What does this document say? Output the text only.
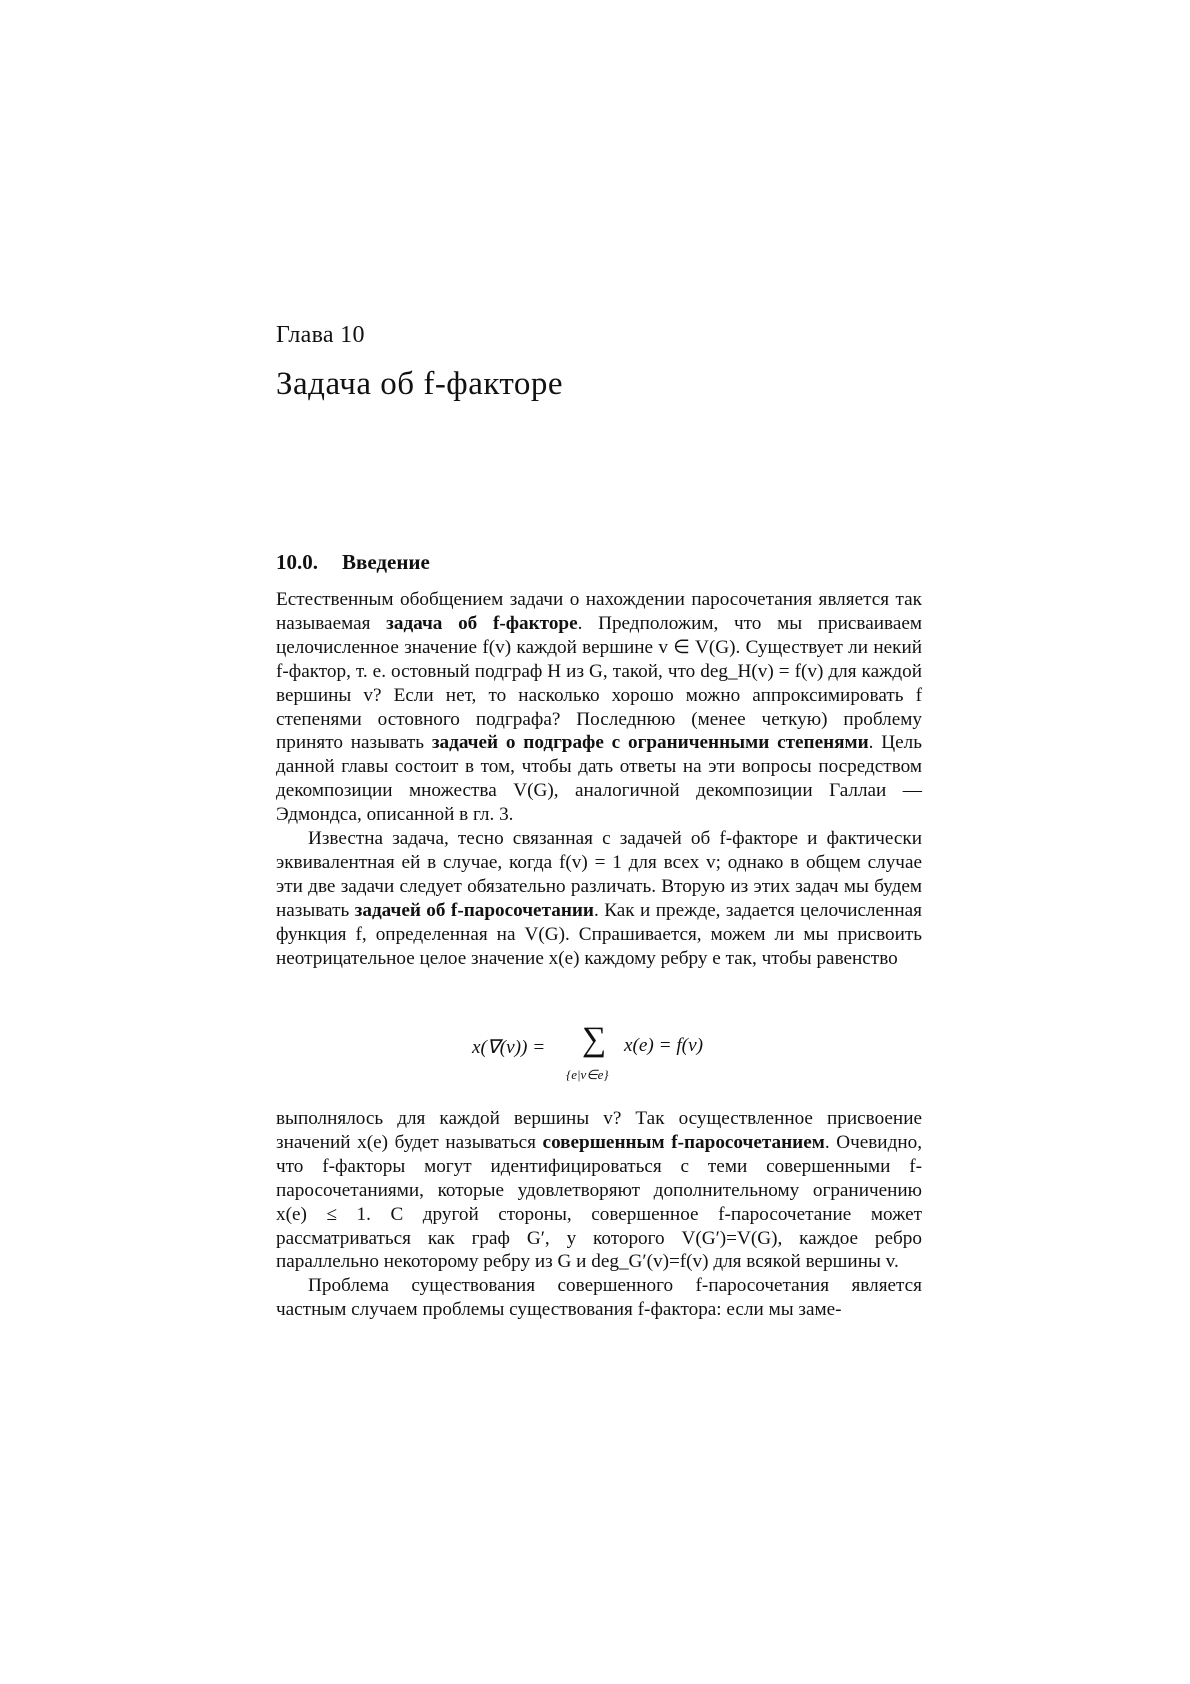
Глава 10
Задача об f-факторе
10.0. Введение

Естественным обобщением задачи о нахождении паросочетания является так называемая задача об f-факторе. Предположим, что мы присваиваем целочисленное значение f(v) каждой вершине v ∈ V(G). Существует ли некий f-фактор, т. е. остовный подграф H из G, такой, что deg_H(v) = f(v) для каждой вершины v? Если нет, то насколько хорошо можно аппроксимировать f степенями остовного подграфа? Последнюю (менее четкую) проблему принято называть задачей о подграфе с ограниченными степенями. Цель данной главы состоит в том, чтобы дать ответы на эти вопросы посредством декомпозиции множества V(G), аналогичной декомпозиции Галлаи —Эдмондса, описанной в гл. 3.

Известна задача, тесно связанная с задачей об f-факторе и фактически эквивалентная ей в случае, когда f(v) = 1 для всех v; однако в общем случае эти две задачи следует обязательно различать. Вторую из этих задач мы будем называть задачей об f-паросочетании. Как и прежде, задается целочисленная функция f, определенная на V(G). Спрашивается, можем ли мы присвоить неотрицательное целое значение x(e) каждому ребру e так, чтобы равенство

x(∇(v)) = ∑
{e|v∈e}
x(e) = f(v)

выполнялось для каждой вершины v? Так осуществленное присвоение значений x(e) будет называться совершенным f-паросочетанием. Очевидно, что f-факторы могут идентифицироваться с теми совершенными f-паросочетаниями, которые удовлетворяют дополнительному ограничению x(e) ≤ 1. С другой стороны, совершенное f-паросочетание может рассматриваться как граф G′, у которого V(G′)=V(G), каждое ребро параллельно некоторому ребру из G и deg_G′(v)=f(v) для всякой вершины v.

Проблема существования совершенного f-паросочетания является частным случаем проблемы существования f-фактора: если мы заме-
